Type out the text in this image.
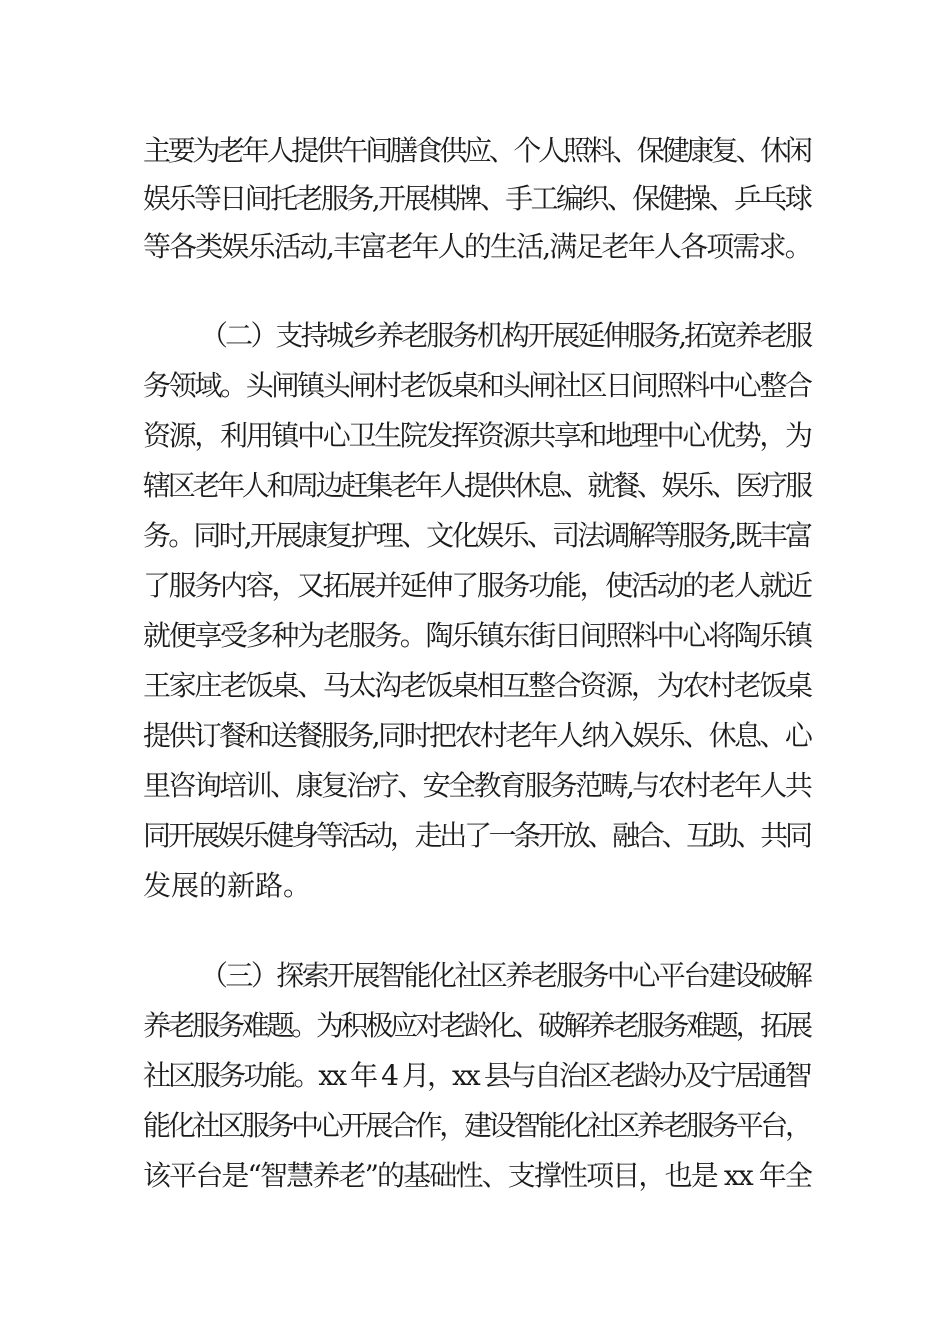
主要为老年人提供午间膳食供应、个人照料、保健康复、休闲
娱乐等日间托老服务,开展棋牌、手工编织、保健操、乒乓球
等各类娱乐活动,丰富老年人的生活,满足老年人各项需求。
（二）支持城乡养老服务机构开展延伸服务,拓宽养老服
务领域。头闸镇头闸村老饭桌和头闸社区日间照料中心整合
资源，利用镇中心卫生院发挥资源共享和地理中心优势，为
辖区老年人和周边赶集老年人提供休息、就餐、娱乐、医疗服
务。同时,开展康复护理、文化娱乐、司法调解等服务,既丰富
了服务内容，又拓展并延伸了服务功能，使活动的老人就近
就便享受多种为老服务。陶乐镇东街日间照料中心将陶乐镇
王家庄老饭桌、马太沟老饭桌相互整合资源，为农村老饭桌
提供订餐和送餐服务,同时把农村老年人纳入娱乐、休息、心
里咨询培训、康复治疗、安全教育服务范畴,与农村老年人共
同开展娱乐健身等活动，走出了一条开放、融合、互助、共同
发展的新路。
（三）探索开展智能化社区养老服务中心平台建设破解
养老服务难题。为积极应对老龄化、破解养老服务难题，拓展
社区服务功能。xx 年 4 月，xx 县与自治区老龄办及宁居通智
能化社区服务中心开展合作，建设智能化社区养老服务平台，
该平台是“智慧养老”的基础性、支撑性项目，也是 xx 年全
